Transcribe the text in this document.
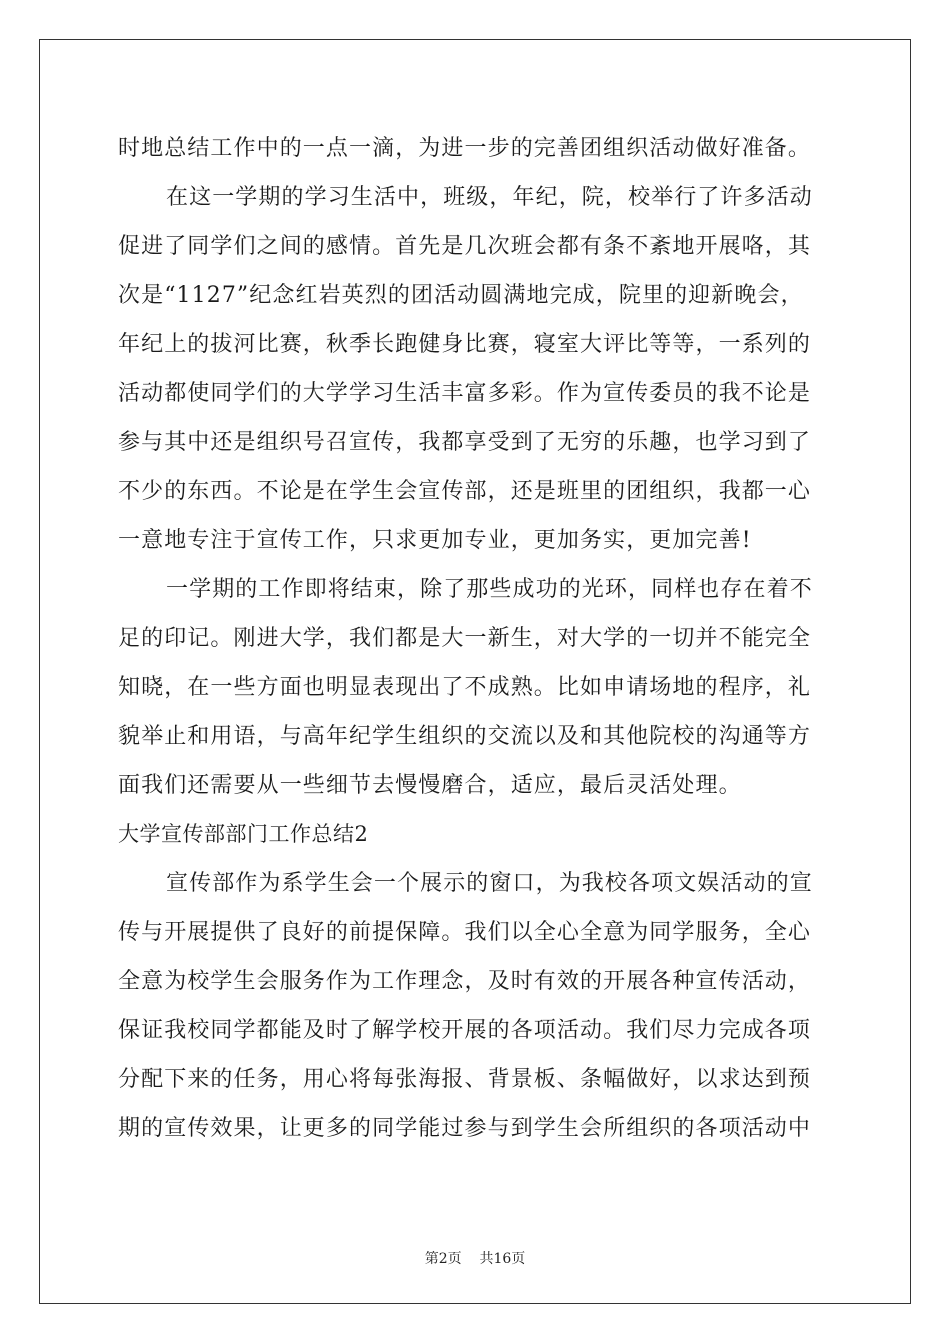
时地总结工作中的一点一滴，为进一步的完善团组织活动做好准备。
在这一学期的学习生活中，班级，年纪，院，校举行了许多活动
促进了同学们之间的感情。首先是几次班会都有条不紊地开展咯，其
次是“1127”纪念红岩英烈的团活动圆满地完成，院里的迎新晚会，
年纪上的拔河比赛，秋季长跑健身比赛，寝室大评比等等，一系列的
活动都使同学们的大学学习生活丰富多彩。作为宣传委员的我不论是
参与其中还是组织号召宣传，我都享受到了无穷的乐趣，也学习到了
不少的东西。不论是在学生会宣传部，还是班里的团组织，我都一心
一意地专注于宣传工作，只求更加专业，更加务实，更加完善!
一学期的工作即将结束，除了那些成功的光环，同样也存在着不
足的印记。刚进大学，我们都是大一新生，对大学的一切并不能完全
知晓，在一些方面也明显表现出了不成熟。比如申请场地的程序，礼
貌举止和用语，与高年纪学生组织的交流以及和其他院校的沟通等方
面我们还需要从一些细节去慢慢磨合，适应，最后灵活处理。
大学宣传部部门工作总结2
宣传部作为系学生会一个展示的窗口，为我校各项文娱活动的宣
传与开展提供了良好的前提保障。我们以全心全意为同学服务，全心
全意为校学生会服务作为工作理念，及时有效的开展各种宣传活动，
保证我校同学都能及时了解学校开展的各项活动。我们尽力完成各项
分配下来的任务，用心将每张海报、背景板、条幅做好，以求达到预
期的宣传效果，让更多的同学能过参与到学生会所组织的各项活动中
第2页 共16页
